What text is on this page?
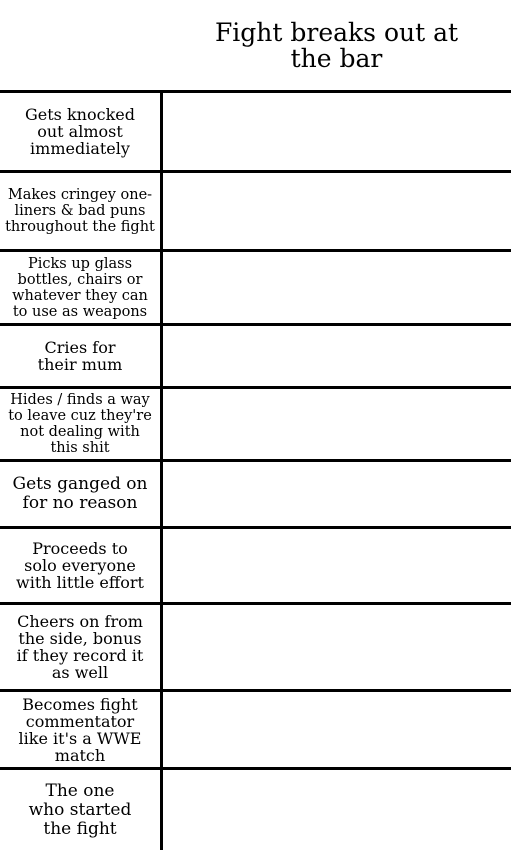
Fight breaks out at
the bar
Gets knocked
out almost
immediately
Makes cringey one-
liners & bad puns
throughout the fight
Picks up glass
bottles, chairs or
whatever they can
to use as weapons
Cries for
their mum
Hides / finds a way
to leave cuz they're
not dealing with
this shit
Gets ganged on
for no reason
Proceeds to
solo everyone
with little effort
Cheers on from
the side, bonus
if they record it
as well
Becomes fight
commentator
like it's a WWE
match
The one
who started
the fight
